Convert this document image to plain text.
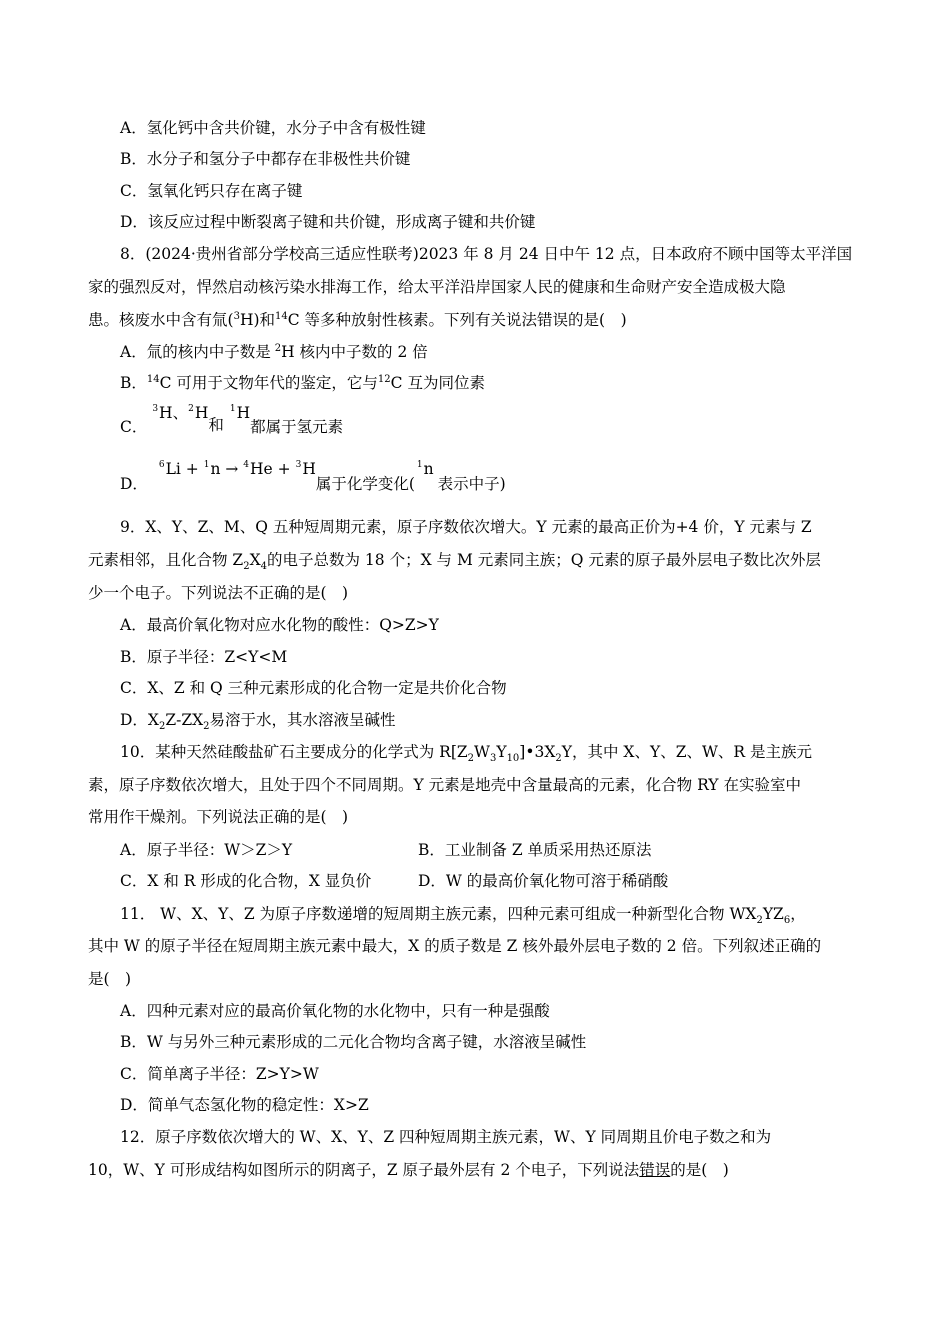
A．氢化钙中含共价键，水分子中含有极性键
B．水分子和氢分子中都存在非极性共价键
C．氢氧化钙只存在离子键
D．该反应过程中断裂离子键和共价键，形成离子键和共价键
8．(2024·贵州省部分学校高三适应性联考)2023 年 8 月 24 日中午 12 点，日本政府不顾中国等太平洋国
家的强烈反对，悍然启动核污染水排海工作，给太平洋沿岸国家人民的健康和生命财产安全造成极大隐
患。核废水中含有氚($^3$H)和$^{14}$C 等多种放射性核素。下列有关说法错误的是(　)
A．氚的核内中子数是 $^2$H 核内中子数的 2 倍
B．$^{14}$C 可用于文物年代的鉴定，它与$^{12}$C 互为同位素
C． $^3$H、$^2$H和$^1$H都属于氢元素
D． $^6$Li + $^1$n → $^4$He + $^3$H属于化学变化($^1$n表示中子)
9．X、Y、Z、M、Q 五种短周期元素，原子序数依次增大。Y 元素的最高正价为+4 价，Y 元素与 Z
元素相邻，且化合物 $Z_2X_4$的电子总数为 18 个；X 与 M 元素同主族；Q 元素的原子最外层电子数比次外层
少一个电子。下列说法不正确的是(　)
A．最高价氧化物对应水化物的酸性：Q>Z>Y
B．原子半径：Z<Y<M
C．X、Z 和 Q 三种元素形成的化合物一定是共价化合物
D．$X_2Z-ZX_2$易溶于水，其水溶液呈碱性
10．某种天然硅酸盐矿石主要成分的化学式为 $R[Z_2W_3Y_{10}]•3X_2Y$，其中 X、Y、Z、W、R 是主族元
素，原子序数依次增大，且处于四个不同周期。Y 元素是地壳中含量最高的元素，化合物 RY 在实验室中
常用作干燥剂。下列说法正确的是(　)
A．原子半径：W＞Z＞Y	B．工业制备 Z 单质采用热还原法
C．X 和 R 形成的化合物，X 显负价	D．W 的最高价氧化物可溶于稀硝酸
11． W、X、Y、Z 为原子序数递增的短周期主族元素，四种元素可组成一种新型化合物 $WX_2YZ_6$，
其中 W 的原子半径在短周期主族元素中最大，X 的质子数是 Z 核外最外层电子数的 2 倍。下列叙述正确的
是(　)
A．四种元素对应的最高价氧化物的水化物中，只有一种是强酸
B．W 与另外三种元素形成的二元化合物均含离子键，水溶液呈碱性
C．简单离子半径：Z>Y>W
D．简单气态氢化物的稳定性：X>Z
12．原子序数依次增大的 W、X、Y、Z 四种短周期主族元素，W、Y 同周期且价电子数之和为
10，W、Y 可形成结构如图所示的阴离子，Z 原子最外层有 2 个电子，下列说法错误的是(　)
